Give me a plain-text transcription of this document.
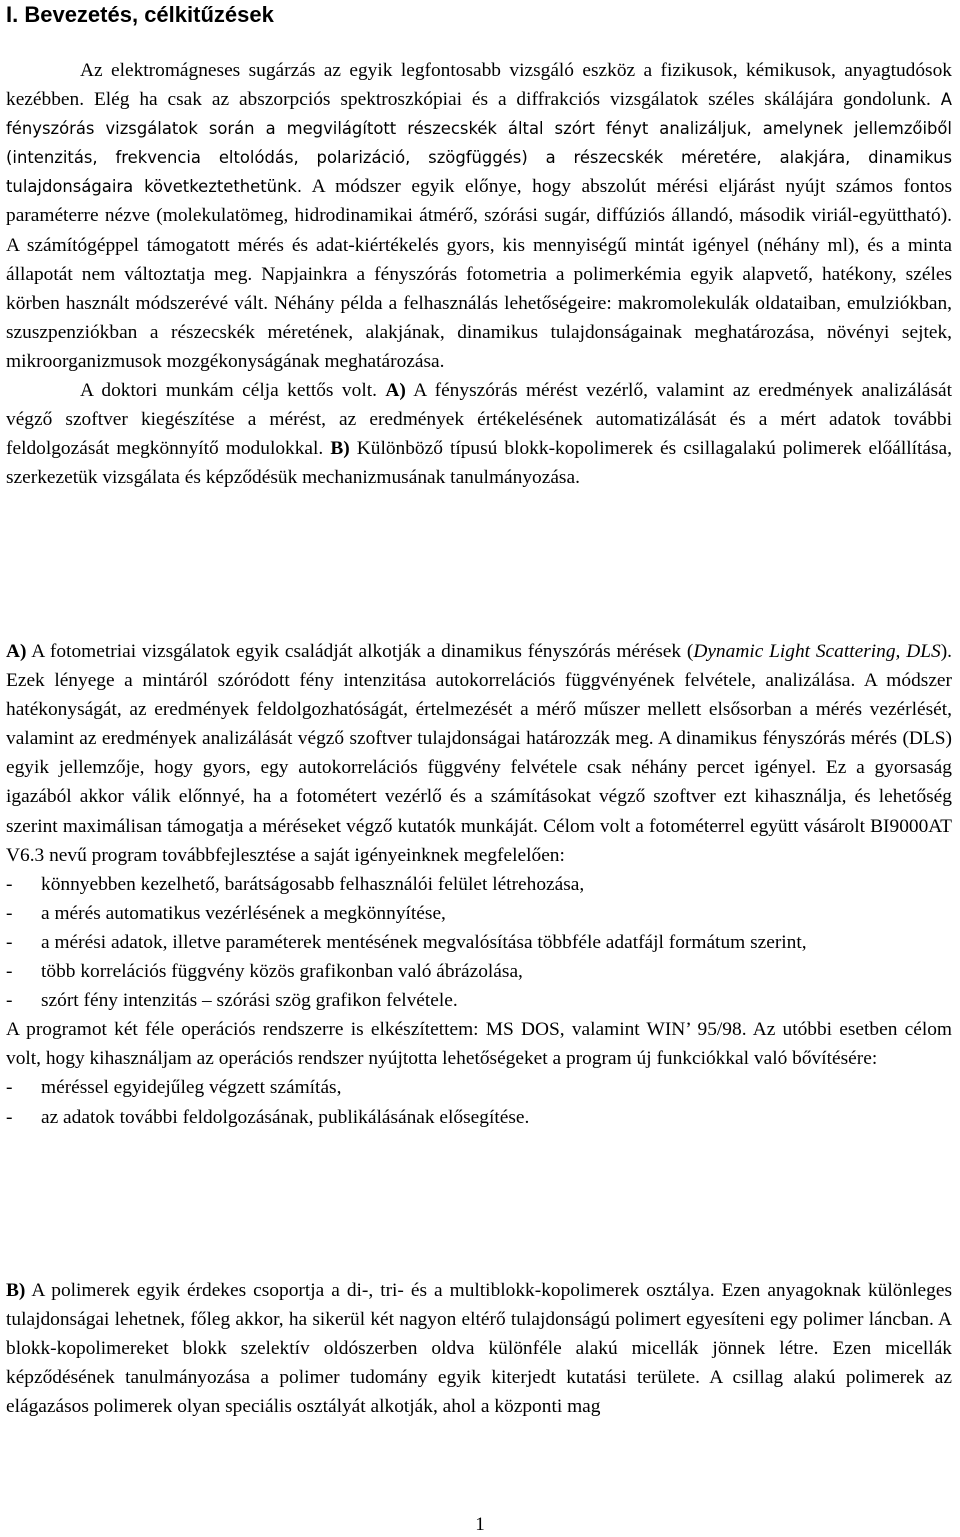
I. Bevezetés, célkitűzések

Az elektromágneses sugárzás az egyik legfontosabb vizsgáló eszköz a fizikusok, kémikusok, anyagtudósok kezébben. Elég ha csak az abszorpciós spektroszkópiai és a diffrakciós vizsgálatok széles skálájára gondolunk. A fényszórás vizsgálatok során a megvilágított részecskék által szórt fényt analizáljuk, amelynek jellemzőiből (intenzitás, frekvencia eltolódás, polarizáció, szögfüggés) a részecskék méretére, alakjára, dinamikus tulajdonságaira következtethetünk. A módszer egyik előnye, hogy abszolút mérési eljárást nyújt számos fontos paraméterre nézve (molekulatömeg, hidrodinamikai átmérő, szórási sugár, diffúziós állandó, második viriál-együttható). A számítógéppel támogatott mérés és adat-kiértékelés gyors, kis mennyiségű mintát igényel (néhány ml), és a minta állapotát nem változtatja meg. Napjainkra a fényszórás fotometria a polimerkémia egyik alapvető, hatékony, széles körben használt módszerévé vált. Néhány példa a felhasználás lehetőségeire: makromolekulák oldataiban, emulziókban, szuszpenziókban a részecskék méretének, alakjának, dinamikus tulajdonságainak meghatározása, növényi sejtek, mikroorganizmusok mozgékonyságának meghatározása.

A doktori munkám célja kettős volt. A) A fényszórás mérést vezérlő, valamint az eredmények analizálását végző szoftver kiegészítése a mérést, az eredmények értékelésének automatizálását és a mért adatok további feldolgozását megkönnyítő modulokkal. B) Különböző típusú blokk-kopolimerek és csillagalakú polimerek előállítása, szerkezetük vizsgálata és képződésük mechanizmusának tanulmányozása.

A) A fotometriai vizsgálatok egyik családját alkotják a dinamikus fényszórás mérések (Dynamic Light Scattering, DLS). Ezek lényege a mintáról szóródott fény intenzitása autokorrelációs függvényének felvétele, analizálása. A módszer hatékonyságát, az eredmények feldolgozhatóságát, értelmezését a mérő műszer mellett elsősorban a mérés vezérlését, valamint az eredmények analizálását végző szoftver tulajdonságai határozzák meg. A dinamikus fényszórás mérés (DLS) egyik jellemzője, hogy gyors, egy autokorrelációs függvény felvétele csak néhány percet igényel. Ez a gyorsaság igazából akkor válik előnnyé, ha a fotométert vezérlő és a számításokat végző szoftver ezt kihasználja, és lehetőség szerint maximálisan támogatja a méréseket végző kutatók munkáját. Célom volt a fotométerrel együtt vásárolt BI9000AT V6.3 nevű program továbbfejlesztése a saját igényeinknek megfelelően:

-	könnyebben kezelhető, barátságosabb felhasználói felület létrehozása,
-	a mérés automatikus vezérlésének a megkönnyítése,
-	a mérési adatok, illetve paraméterek mentésének megvalósítása többféle adatfájl formátum szerint,
-	több korrelációs függvény közös grafikonban való ábrázolása,
-	szórt fény intenzitás – szórási szög grafikon felvétele.

A programot két féle operációs rendszerre is elkészítettem: MS DOS, valamint WIN’ 95/98. Az utóbbi esetben célom volt, hogy kihasználjam az operációs rendszer nyújtotta lehetőségeket a program új funkciókkal való bővítésére:

-	méréssel egyidejűleg végzett számítás,
-	az adatok további feldolgozásának, publikálásának elősegítése.

B) A polimerek egyik érdekes csoportja a di-, tri- és a multiblokk-kopolimerek osztálya. Ezen anyagoknak különleges tulajdonságai lehetnek, főleg akkor, ha sikerül két nagyon eltérő tulajdonságú polimert egyesíteni egy polimer láncban. A blokk-kopolimereket blokk szelektív oldószerben oldva különféle alakú micellák jönnek létre. Ezen micellák képződésének tanulmányozása a polimer tudomány egyik kiterjedt kutatási területe. A csillag alakú polimerek az elágazásos polimerek olyan speciális osztályát alkotják, ahol a központi mag

1
